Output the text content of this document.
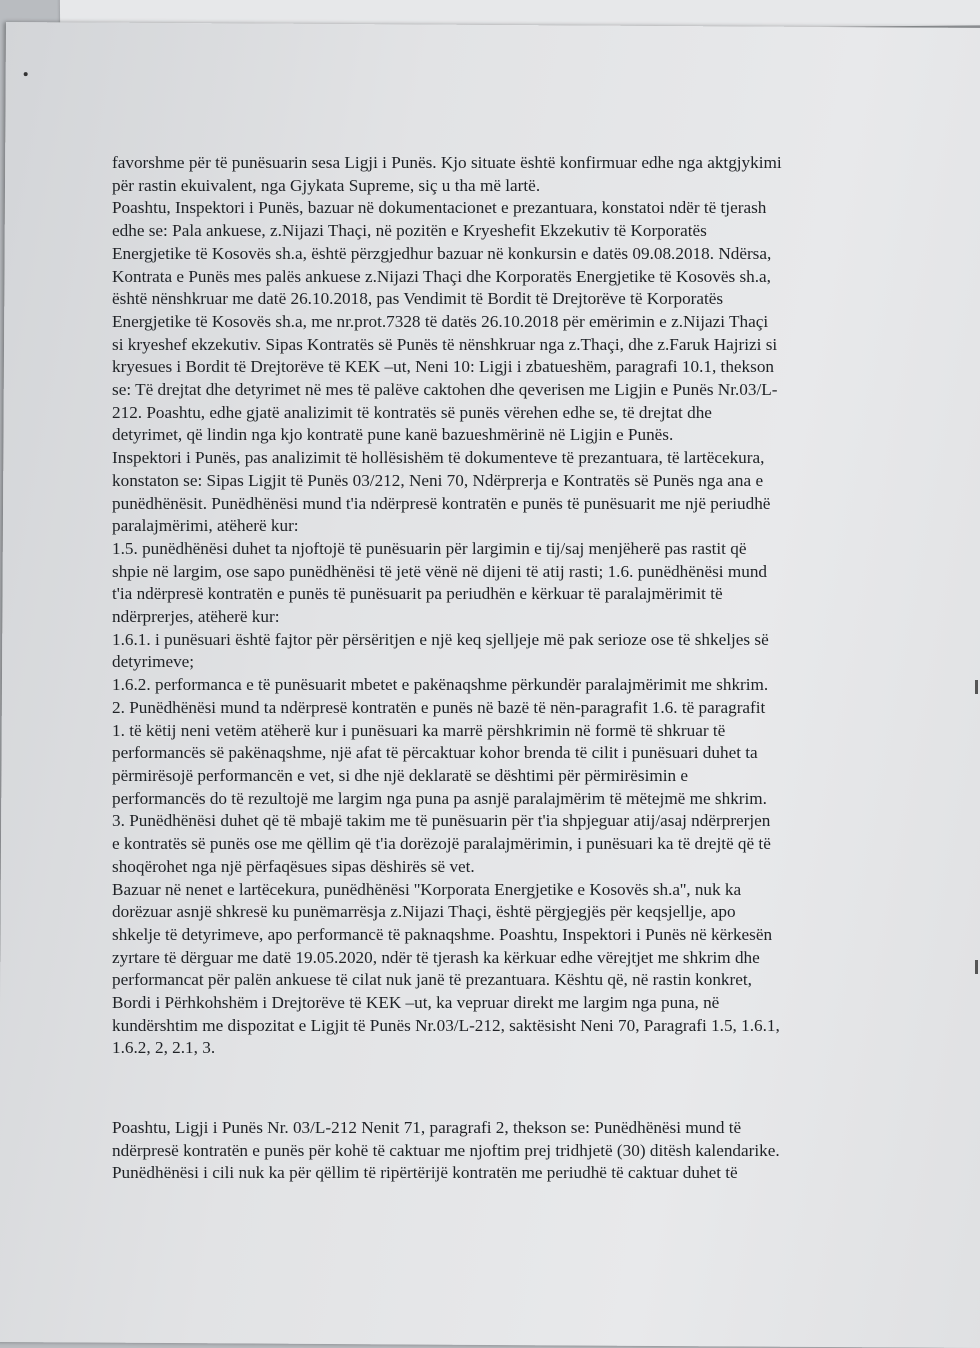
favorshme për të punësuarin sesa Ligji i Punës. Kjo situate është konfirmuar edhe nga aktgjykimi
për rastin ekuivalent, nga Gjykata Supreme, siç u tha më lartë.
Poashtu, Inspektori i Punës, bazuar në dokumentacionet e prezantuara, konstatoi ndër të tjerash
edhe se: Pala ankuese, z.Nijazi Thaçi, në pozitën e Kryeshefit Ekzekutiv të Korporatës
Energjetike të Kosovës sh.a, është përzgjedhur bazuar në konkursin e datës 09.08.2018. Ndërsa,
Kontrata e Punës mes palës ankuese z.Nijazi Thaçi dhe Korporatës Energjetike të Kosovës sh.a,
është nënshkruar me datë 26.10.2018, pas Vendimit të Bordit të Drejtorëve të Korporatës
Energjetike të Kosovës sh.a, me nr.prot.7328 të datës 26.10.2018 për emërimin e z.Nijazi Thaçi
si kryeshef ekzekutiv. Sipas Kontratës së Punës të nënshkruar nga z.Thaçi, dhe z.Faruk Hajrizi si
kryesues i Bordit të Drejtorëve të KEK –ut, Neni 10: Ligji i zbatueshëm, paragrafi 10.1, thekson
se: Të drejtat dhe detyrimet në mes të palëve caktohen dhe qeverisen me Ligjin e Punës Nr.03/L-
212. Poashtu, edhe gjatë analizimit të kontratës së punës vërehen edhe se, të drejtat dhe
detyrimet, që lindin nga kjo kontratë pune kanë bazueshmërinë në Ligjin e Punës.
Inspektori i Punës, pas analizimit të hollësishëm të dokumenteve të prezantuara, të lartëcekura,
konstaton se: Sipas Ligjit të Punës 03/212, Neni 70, Ndërprerja e Kontratës së Punës nga ana e
punëdhënësit. Punëdhënësi mund t'ia ndërpresë kontratën e punës të punësuarit me një periudhë
paralajmërimi, atëherë kur:
1.5. punëdhënësi duhet ta njoftojë të punësuarin për largimin e tij/saj menjëherë pas rastit që
shpie në largim, ose sapo punëdhënësi të jetë vënë në dijeni të atij rasti; 1.6. punëdhënësi mund
t'ia ndërpresë kontratën e punës të punësuarit pa periudhën e kërkuar të paralajmërimit të
ndërprerjes, atëherë kur:
1.6.1. i punësuari është fajtor për përsëritjen e një keq sjelljeje më pak serioze ose të shkeljes së
detyrimeve;
1.6.2. performanca e të punësuarit mbetet e pakënaqshme përkundër paralajmërimit me shkrim.
2. Punëdhënësi mund ta ndërpresë kontratën e punës në bazë të nën-paragrafit 1.6. të paragrafit
1. të këtij neni vetëm atëherë kur i punësuari ka marrë përshkrimin në formë të shkruar të
performancës së pakënaqshme, një afat të përcaktuar kohor brenda të cilit i punësuari duhet ta
përmirësojë performancën e vet, si dhe një deklaratë se dështimi për përmirësimin e
performancës do të rezultojë me largim nga puna pa asnjë paralajmërim të mëtejmë me shkrim.
3. Punëdhënësi duhet që të mbajë takim me të punësuarin për t'ia shpjeguar atij/asaj ndërprerjen
e kontratës së punës ose me qëllim që t'ia dorëzojë paralajmërimin, i punësuari ka të drejtë që të
shoqërohet nga një përfaqësues sipas dëshirës së vet.
Bazuar në nenet e lartëcekura, punëdhënësi ''Korporata Energjetike e Kosovës sh.a'', nuk ka
dorëzuar asnjë shkresë ku punëmarrësja z.Nijazi Thaçi, është përgjegjës për keqsjellje, apo
shkelje të detyrimeve, apo performancë të paknaqshme. Poashtu, Inspektori i Punës në kërkesën
zyrtare të dërguar me datë 19.05.2020, ndër të tjerash ka kërkuar edhe vërejtjet me shkrim dhe
performancat për palën ankuese të cilat nuk janë të prezantuara. Kështu që, në rastin konkret,
Bordi i Përhkohshëm i Drejtorëve të KEK –ut, ka vepruar direkt me largim nga puna, në
kundërshtim me dispozitat e Ligjit të Punës Nr.03/L-212, saktësisht Neni 70, Paragrafi 1.5, 1.6.1,
1.6.2, 2, 2.1, 3.
Poashtu, Ligji i Punës Nr. 03/L-212 Nenit 71, paragrafi 2, thekson se: Punëdhënësi mund të
ndërpresë kontratën e punës për kohë të caktuar me njoftim prej tridhjetë (30) ditësh kalendarike.
Punëdhënësi i cili nuk ka për qëllim të ripërtërijë kontratën me periudhë të caktuar duhet të
